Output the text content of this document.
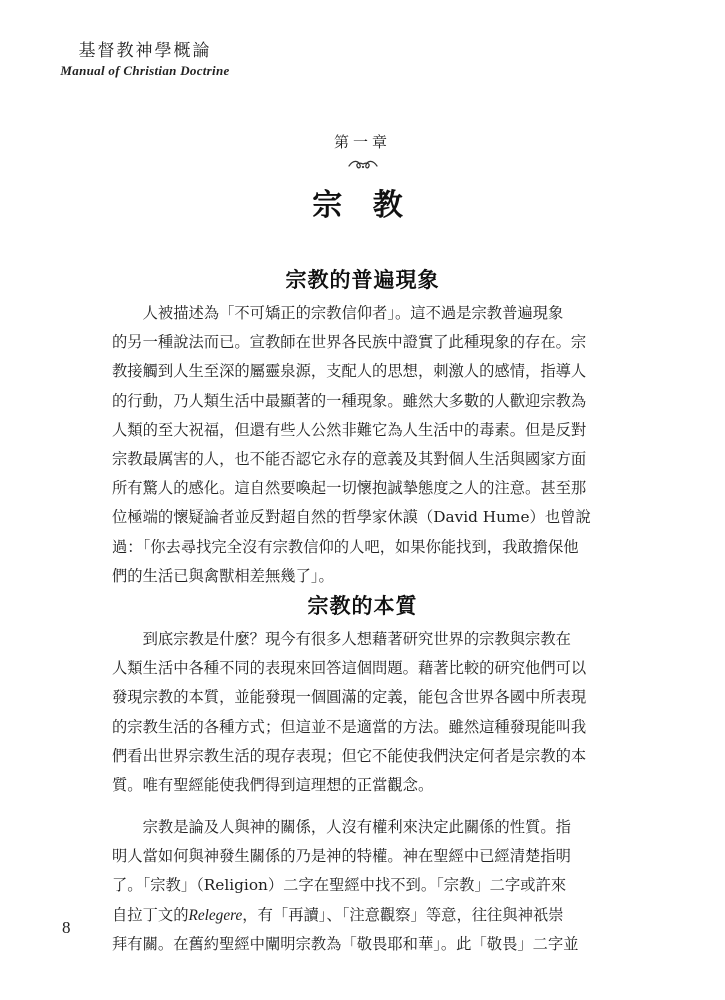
基督教神學概論
Manual of Christian Doctrine
第一章
宗 教
宗教的普遍現象
　　人被描述為「不可矯正的宗教信仰者」。這不過是宗教普遍現象
的另一種說法而已。宣教師在世界各民族中證實了此種現象的存在。宗
教接觸到人生至深的屬靈泉源，支配人的思想，刺激人的感情，指導人
的行動，乃人類生活中最顯著的一種現象。雖然大多數的人歡迎宗教為
人類的至大祝福，但還有些人公然非難它為人生活中的毒素。但是反對
宗教最厲害的人，也不能否認它永存的意義及其對個人生活與國家方面
所有驚人的感化。這自然要喚起一切懷抱誠摯態度之人的注意。甚至那
位極端的懷疑論者並反對超自然的哲學家休謨（David Hume）也曾說
過：「你去尋找完全沒有宗教信仰的人吧，如果你能找到，我敢擔保他
們的生活已與禽獸相差無幾了」。
宗教的本質
　　到底宗教是什麼？現今有很多人想藉著研究世界的宗教與宗教在
人類生活中各種不同的表現來回答這個問題。藉著比較的研究他們可以
發現宗教的本質，並能發現一個圓滿的定義，能包含世界各國中所表現
的宗教生活的各種方式；但這並不是適當的方法。雖然這種發現能叫我
們看出世界宗教生活的現存表現；但它不能使我們決定何者是宗教的本
質。唯有聖經能使我們得到這理想的正當觀念。
　　宗教是論及人與神的關係，人沒有權利來決定此關係的性質。指
明人當如何與神發生關係的乃是神的特權。神在聖經中已經清楚指明
了。「宗教」（Religion）二字在聖經中找不到。「宗教」二字或許來
自拉丁文的Relegere，有「再讀」、「注意觀察」等意，往往與神祇崇
拜有關。在舊約聖經中闡明宗教為「敬畏耶和華」。此「敬畏」二字並
8
